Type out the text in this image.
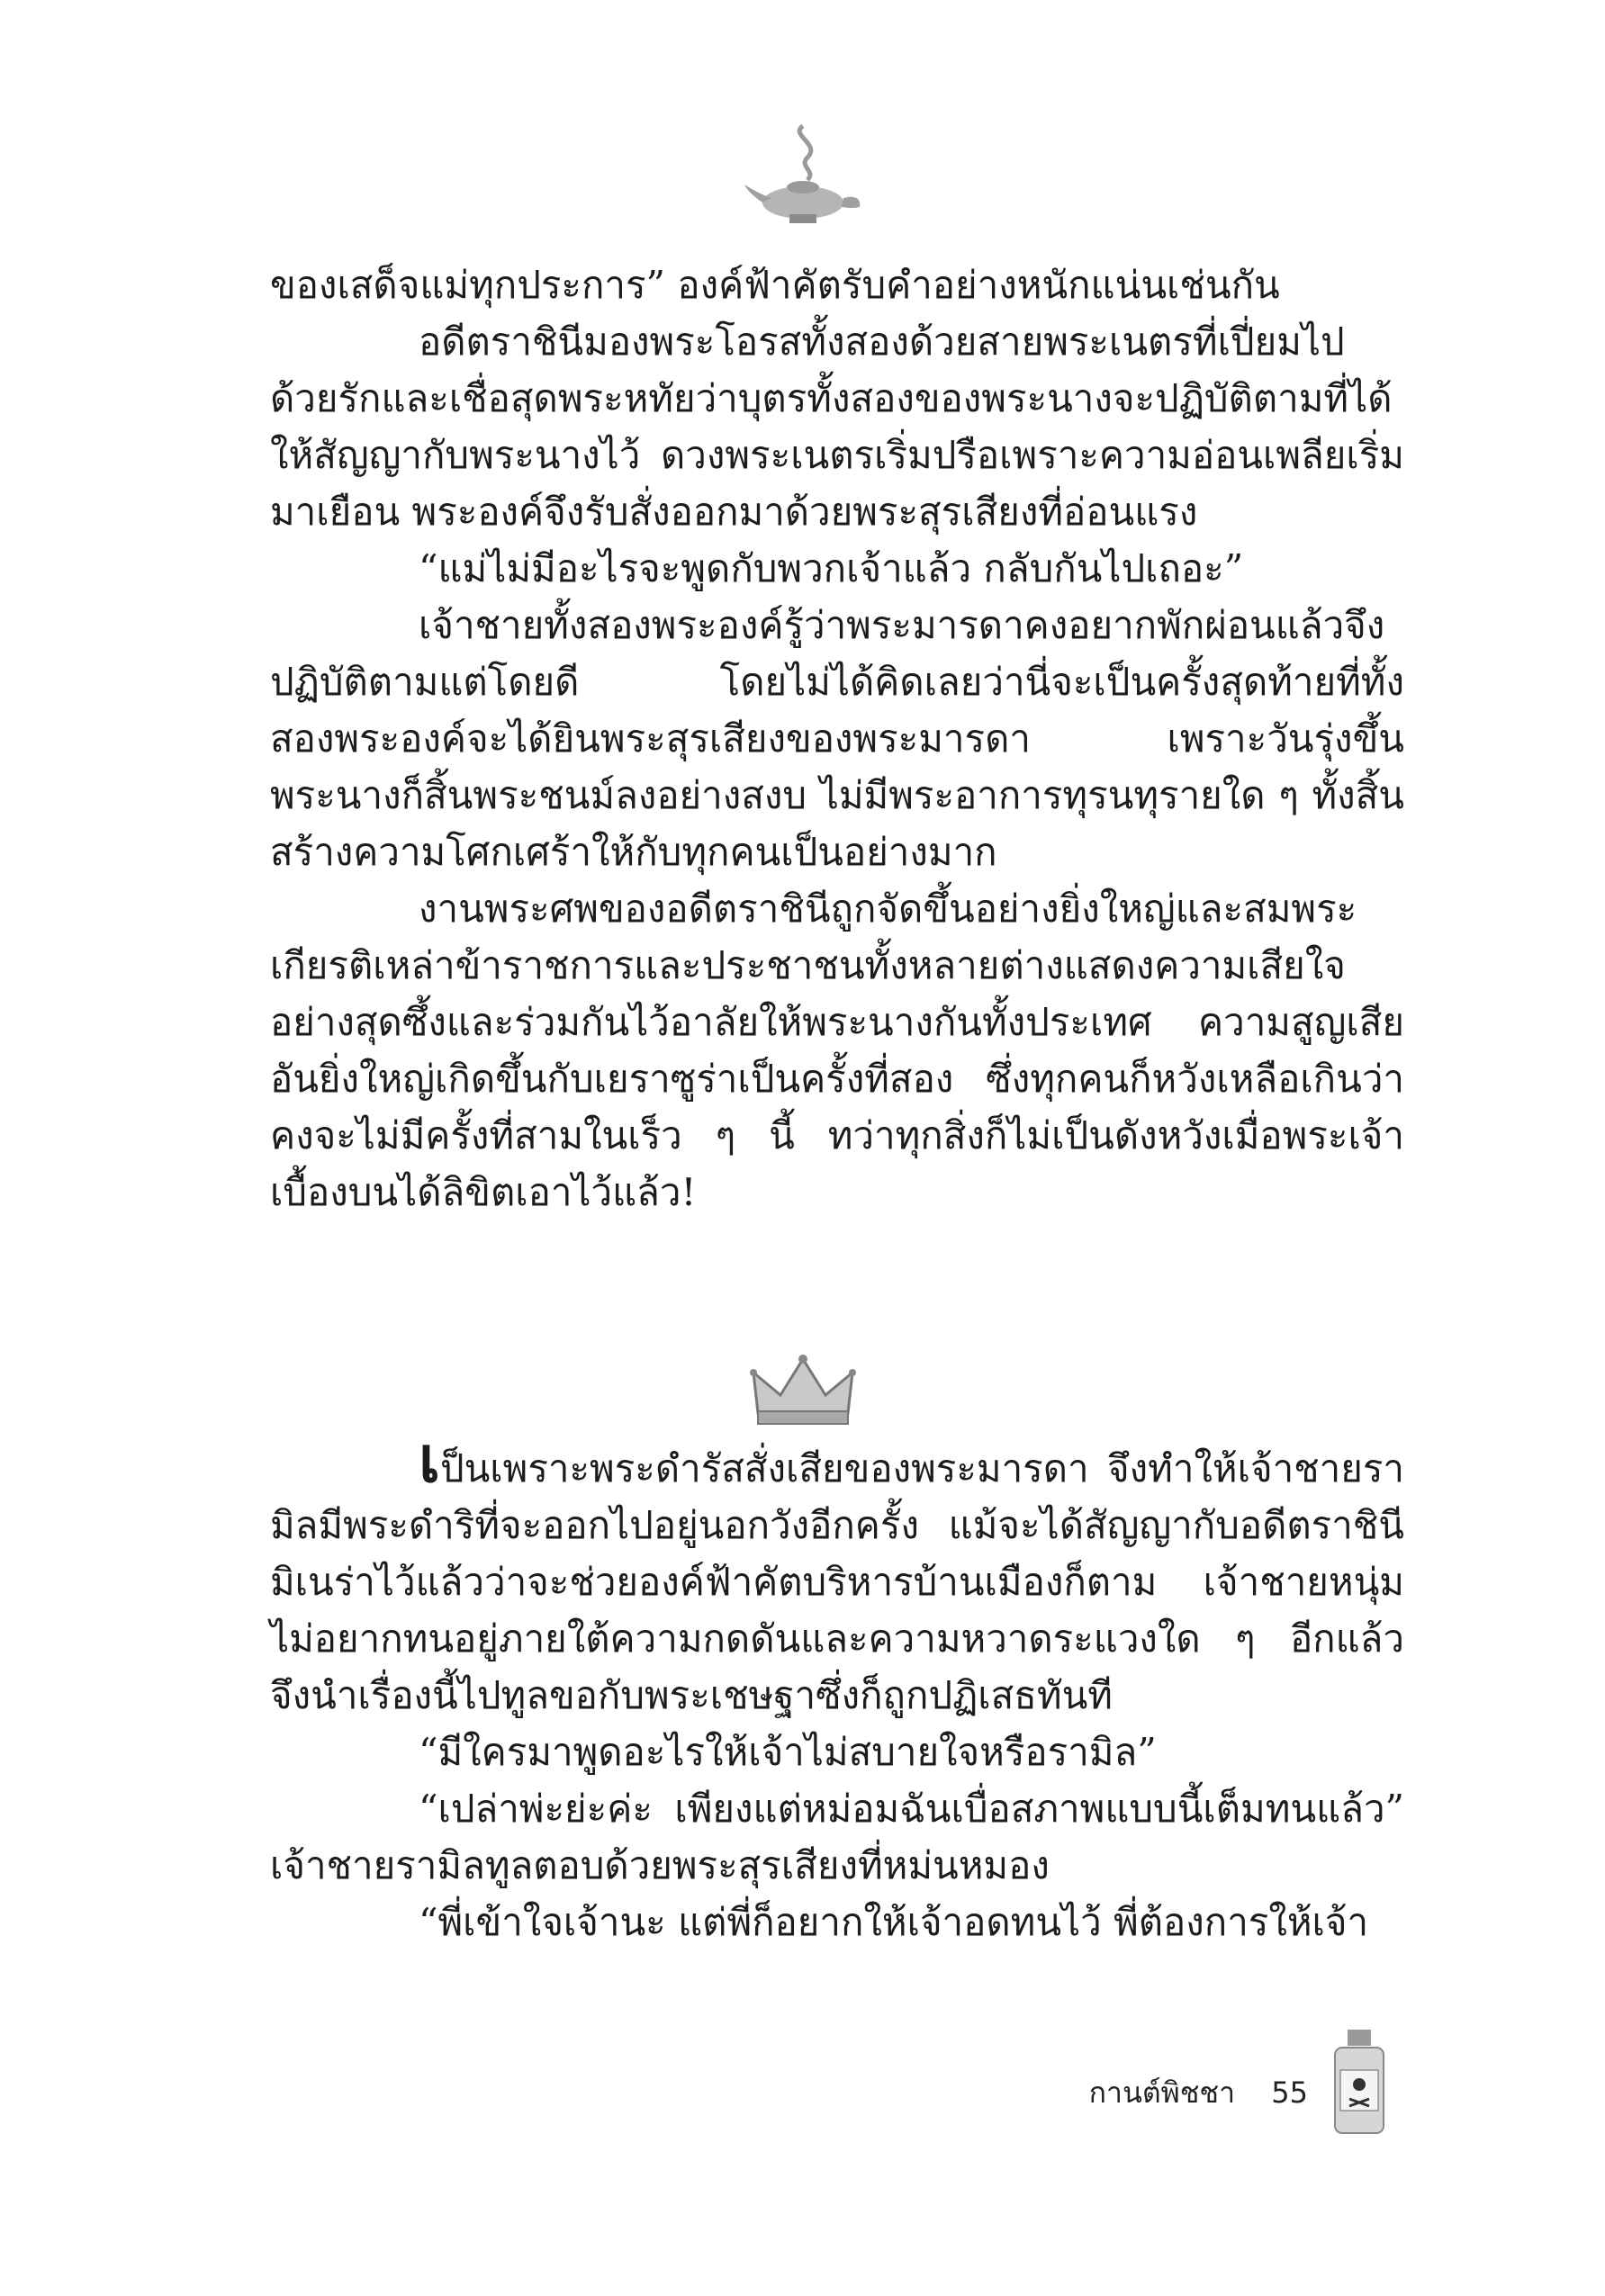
ของเสด็จแม่ทุกประการ” องค์ฟ้าคัตรับคำอย่างหนักแน่นเช่นกัน

อดีตราชินีมองพระโอรสทั้งสองด้วยสายพระเนตรที่เปี่ยมไปด้วยรักและเชื่อสุดพระหทัยว่าบุตรทั้งสองของพระนางจะปฏิบัติตามที่ได้ให้สัญญากับพระนางไว้ ดวงพระเนตรเริ่มปรือเพราะความอ่อนเพลียเริ่มมาเยือน พระองค์จึงรับสั่งออกมาด้วยพระสุรเสียงที่อ่อนแรง

“แม่ไม่มีอะไรจะพูดกับพวกเจ้าแล้ว กลับกันไปเถอะ”

เจ้าชายทั้งสองพระองค์รู้ว่าพระมารดาคงอยากพักผ่อนแล้วจึงปฏิบัติตามแต่โดยดี โดยไม่ได้คิดเลยว่านี่จะเป็นครั้งสุดท้ายที่ทั้งสองพระองค์จะได้ยินพระสุรเสียงของพระมารดา เพราะวันรุ่งขึ้นพระนางก็สิ้นพระชนม์ลงอย่างสงบ ไม่มีพระอาการทุรนทุรายใด ๆ ทั้งสิ้น สร้างความโศกเศร้าให้กับทุกคนเป็นอย่างมาก

งานพระศพของอดีตราชินีถูกจัดขึ้นอย่างยิ่งใหญ่และสมพระเกียรติเหล่าข้าราชการและประชาชนทั้งหลายต่างแสดงความเสียใจอย่างสุดซึ้งและร่วมกันไว้อาลัยให้พระนางกันทั้งประเทศ ความสูญเสียอันยิ่งใหญ่เกิดขึ้นกับเยราซูร่าเป็นครั้งที่สอง ซึ่งทุกคนก็หวังเหลือเกินว่าคงจะไม่มีครั้งที่สามในเร็ว ๆ นี้ ทว่าทุกสิ่งก็ไม่เป็นดังหวังเมื่อพระเจ้าเบื้องบนได้ลิขิตเอาไว้แล้ว!

เป็นเพราะพระดำรัสสั่งเสียของพระมารดา จึงทำให้เจ้าชายรามิลมีพระดำริที่จะออกไปอยู่นอกวังอีกครั้ง แม้จะได้สัญญากับอดีตราชินีมิเนร่าไว้แล้วว่าจะช่วยองค์ฟ้าคัตบริหารบ้านเมืองก็ตาม เจ้าชายหนุ่มไม่อยากทนอยู่ภายใต้ความกดดันและความหวาดระแวงใด ๆ อีกแล้ว จึงนำเรื่องนี้ไปทูลขอกับพระเชษฐาซึ่งก็ถูกปฏิเสธทันที

“มีใครมาพูดอะไรให้เจ้าไม่สบายใจหรือรามิล”

“เปล่าพ่ะย่ะค่ะ เพียงแต่หม่อมฉันเบื่อสภาพแบบนี้เต็มทนแล้ว” เจ้าชายรามิลทูลตอบด้วยพระสุรเสียงที่หม่นหมอง

“พี่เข้าใจเจ้านะ แต่พี่ก็อยากให้เจ้าอดทนไว้ พี่ต้องการให้เจ้า

กานต์พิชชา 55
